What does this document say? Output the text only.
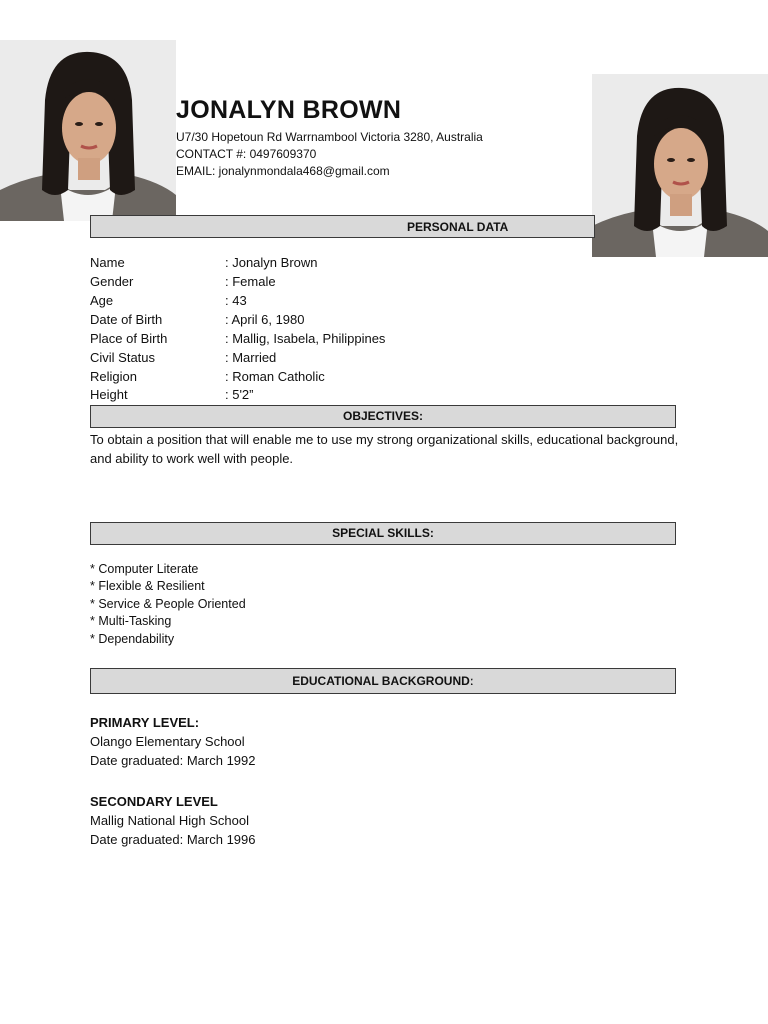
JONALYN BROWN
U7/30 Hopetoun Rd Warrnambool Victoria 3280, Australia
CONTACT #: 0497609370
EMAIL: jonalynmondala468@gmail.com
PERSONAL DATA
Name	: Jonalyn Brown
Gender	: Female
Age	: 43
Date of Birth	: April 6, 1980
Place of Birth	: Mallig, Isabela, Philippines
Civil Status	: Married
Religion	: Roman Catholic
Height	: 5'2”
OBJECTIVES:
To obtain a position that will enable me to use my strong organizational skills, educational background, and ability to work well with people.
SPECIAL SKILLS:
* Computer Literate
* Flexible & Resilient
* Service & People Oriented
* Multi-Tasking
* Dependability
EDUCATIONAL BACKGROUNDː
PRIMARY LEVEL:
Olango Elementary School
Date graduated: March 1992
SECONDARY LEVEL
Mallig National High School
Date graduated: March 1996
